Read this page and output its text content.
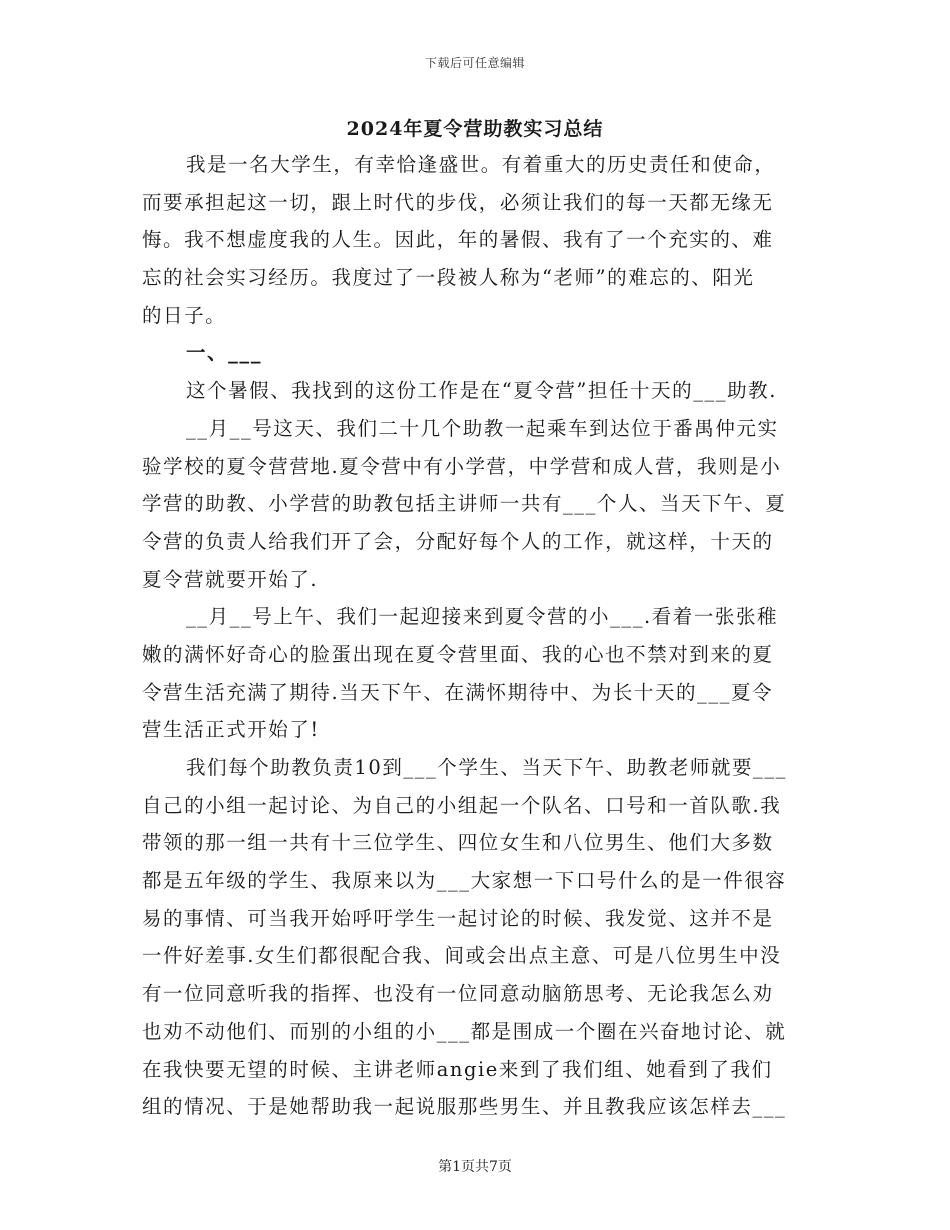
下载后可任意编辑
2024年夏令营助教实习总结
我是一名大学生，有幸恰逢盛世。有着重大的历史责任和使命，
而要承担起这一切，跟上时代的步伐，必须让我们的每一天都无缘无
悔。我不想虚度我的人生。因此，年的暑假、我有了一个充实的、难
忘的社会实习经历。我度过了一段被人称为“老师”的难忘的、阳光
的日子。
一、___
这个暑假、我找到的这份工作是在“夏令营”担任十天的___助教.
__月__号这天、我们二十几个助教一起乘车到达位于番禺仲元实
验学校的夏令营营地.夏令营中有小学营，中学营和成人营，我则是小
学营的助教、小学营的助教包括主讲师一共有___个人、当天下午、夏
令营的负责人给我们开了会，分配好每个人的工作，就这样，十天的
夏令营就要开始了.
__月__号上午、我们一起迎接来到夏令营的小___.看着一张张稚
嫩的满怀好奇心的脸蛋出现在夏令营里面、我的心也不禁对到来的夏
令营生活充满了期待.当天下午、在满怀期待中、为长十天的___夏令
营生活正式开始了!
我们每个助教负责10到___个学生、当天下午、助教老师就要___
自己的小组一起讨论、为自己的小组起一个队名、口号和一首队歌.我
带领的那一组一共有十三位学生、四位女生和八位男生、他们大多数
都是五年级的学生、我原来以为___大家想一下口号什么的是一件很容
易的事情、可当我开始呼吁学生一起讨论的时候、我发觉、这并不是
一件好差事.女生们都很配合我、间或会出点主意、可是八位男生中没
有一位同意听我的指挥、也没有一位同意动脑筋思考、无论我怎么劝
也劝不动他们、而别的小组的小___都是围成一个圈在兴奋地讨论、就
在我快要无望的时候、主讲老师angie来到了我们组、她看到了我们
组的情况、于是她帮助我一起说服那些男生、并且教我应该怎样去___
第1页共7页
